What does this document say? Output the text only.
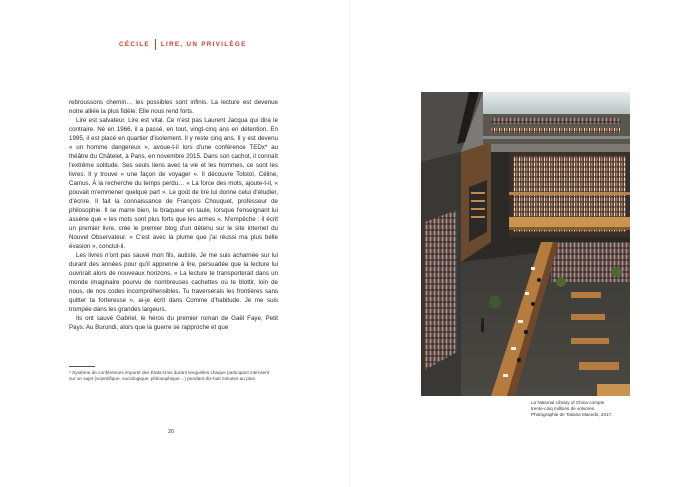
CÉCILE LIRE, UN PRIVILÈGE

rebroussons chemin… les possibles sont infinis. La lecture est devenue notre alliée la plus fidèle. Elle nous rend forts.

Lire est salvateur. Lire est vital. Ce n'est pas Laurent Jacqua qui dira le contraire. Né en 1966, il a passé, en tout, vingt-cinq ans en détention. En 1995, il est placé en quartier d'isolement. Il y reste cinq ans. Il y est devenu « un homme dangereux », avoue-t-il lors d'une conférence TEDx* au théâtre du Châtelet, à Paris, en novembre 2015. Dans son cachot, il connaît l'extrême solitude. Ses seuls liens avec la vie et les hommes, ce sont les livres. Il y trouve « une façon de voyager ». Il découvre Tolstoï, Céline, Camus, À la recherche du temps perdu… « La force des mots, ajoute-t-il, « pouvait m'emmener quelque part ». Le goût de lire lui donne celui d'étudier, d'écrire. Il fait la connaissance de François Chouquet, professeur de philosophie. Il se marre bien, le braqueur en taule, lorsque l'enseignant lui assène que « les mots sont plus forts que les armes ». N'empêche : il écrit un premier livre, crée le premier blog d'un détenu sur le site internet du Nouvel Observateur. « C'est avec la plume que j'ai réussi ma plus belle évasion », conclut-il.

Les livres n'ont pas sauvé mon fils, autiste. Je me suis acharnée sur lui durant des années pour qu'il apprenne à lire, persuadée que la lecture lui ouvrirait alors de nouveaux horizons. « La lecture te transporterait dans un monde imaginaire pourvu de nombreuses cachettes où te blottir, loin de nous, de nos codes incompréhensibles. Tu traverserais les frontières sans quitter ta forteresse », ai-je écrit dans Comme d'habitude. Je me suis trompée dans les grandes largeurs.

Ils ont sauvé Gabriel, le héros du premier roman de Gaël Faye, Petit Pays. Au Burundi, alors que la guerre se rapproche et que

* Système de conférences importé des États-Unis durant lesquelles chaque participant intervient sur un sujet (scientifique, sociologique, philosophique…) pendant dix-huit minutes au plus.
20
La National Library of China compte
trente-cinq millions de volumes.
Photographie de Tatiana Macedo, 2017.
